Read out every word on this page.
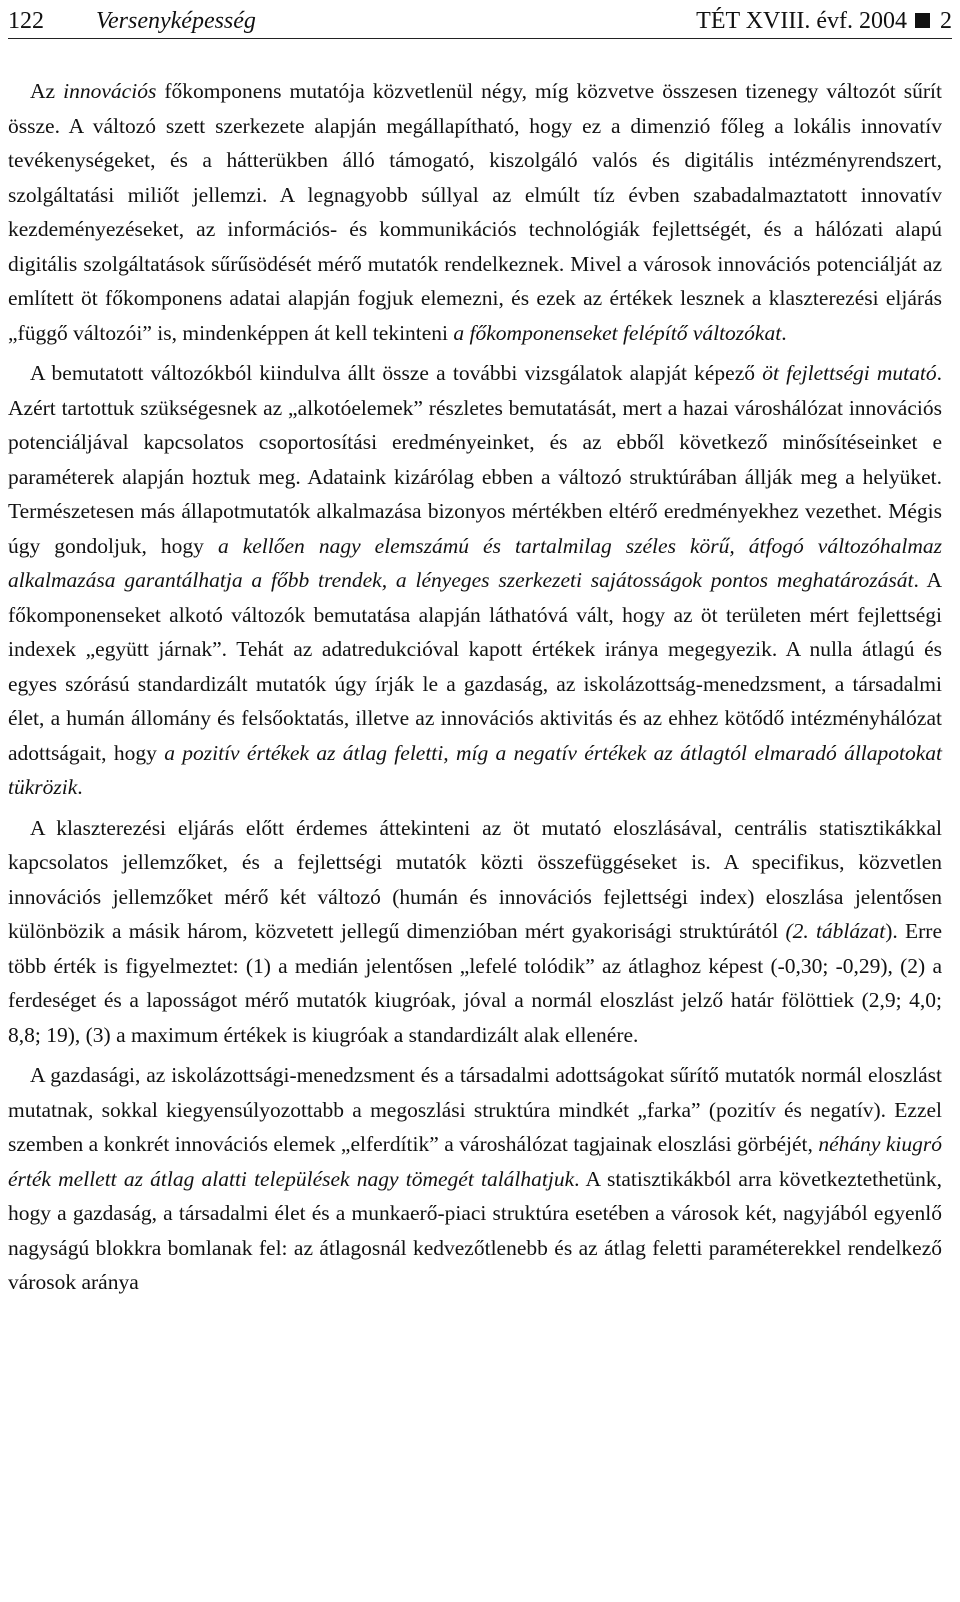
122 Versenyképesség	TÉT XVIII. évf. 2004 2

Az innovációs főkomponens mutatója közvetlenül négy, míg közvetve összesen tizenegy változót sűrít össze. A változó szett szerkezete alapján megállapítható, hogy ez a dimenzió főleg a lokális innovatív tevékenységeket, és a hátterükben álló támogató, kiszolgáló valós és digitális intézményrendszert, szolgáltatási miliőt jellemzi. A legnagyobb súllyal az elmúlt tíz évben szabadalmaztatott innovatív kezdeményezéseket, az információs- és kommunikációs technológiák fejlettségét, és a hálózati alapú digitális szolgáltatások sűrűsödését mérő mutatók rendelkeznek. Mivel a városok innovációs potenciálját az említett öt főkomponens adatai alapján fogjuk elemezni, és ezek az értékek lesznek a klaszterezési eljárás „függő változói” is, mindenképpen át kell tekinteni a főkomponenseket felépítő változókat.

A bemutatott változókból kiindulva állt össze a további vizsgálatok alapját képező öt fejlettségi mutató. Azért tartottuk szükségesnek az „alkotóelemek” részletes bemutatását, mert a hazai városhálózat innovációs potenciáljával kapcsolatos csoportosítási eredményeinket, és az ebből következő minősítéseinket e paraméterek alapján hoztuk meg. Adataink kizárólag ebben a változó struktúrában állják meg a helyüket. Természetesen más állapotmutatók alkalmazása bizonyos mértékben eltérő eredményekhez vezethet. Mégis úgy gondoljuk, hogy a kellően nagy elemszámú és tartalmilag széles körű, átfogó változóhalmaz alkalmazása garantálhatja a főbb trendek, a lényeges szerkezeti sajátosságok pontos meghatározását. A főkomponenseket alkotó változók bemutatása alapján láthatóvá vált, hogy az öt területen mért fejlettségi indexek „együtt járnak”. Tehát az adatredukcióval kapott értékek iránya megegyezik. A nulla átlagú és egyes szórású standardizált mutatók úgy írják le a gazdaság, az iskolázottság-menedzsment, a társadalmi élet, a humán állomány és felsőoktatás, illetve az innovációs aktivitás és az ehhez kötődő intézményhálózat adottságait, hogy a pozitív értékek az átlag feletti, míg a negatív értékek az átlagtól elmaradó állapotokat tükrözik.

A klaszterezési eljárás előtt érdemes áttekinteni az öt mutató eloszlásával, centrális statisztikákkal kapcsolatos jellemzőket, és a fejlettségi mutatók közti összefüggéseket is. A specifikus, közvetlen innovációs jellemzőket mérő két változó (humán és innovációs fejlettségi index) eloszlása jelentősen különbözik a másik három, közvetett jellegű dimenzióban mért gyakorisági struktúrától (2. táblázat). Erre több érték is figyelmeztet: (1) a medián jelentősen „lefelé tolódik” az átlaghoz képest (-0,30; -0,29), (2) a ferdeséget és a laposságot mérő mutatók kiugróak, jóval a normál eloszlást jelző határ fölöttiek (2,9; 4,0; 8,8; 19), (3) a maximum értékek is kiugróak a standardizált alak ellenére.

A gazdasági, az iskolázottsági-menedzsment és a társadalmi adottságokat sűrítő mutatók normál eloszlást mutatnak, sokkal kiegyensúlyozottabb a megoszlási struktúra mindkét „farka” (pozitív és negatív). Ezzel szemben a konkrét innovációs elemek „elferdítik” a városhálózat tagjainak eloszlási görbéjét, néhány kiugró érték mellett az átlag alatti települések nagy tömegét találhatjuk. A statisztikákból arra következtethetünk, hogy a gazdaság, a társadalmi élet és a munkaerő-piaci struktúra esetében a városok két, nagyjából egyenlő nagyságú blokkra bomlanak fel: az átlagosnál kedvezőtlenebb és az átlag feletti paraméterekkel rendelkező városok aránya
